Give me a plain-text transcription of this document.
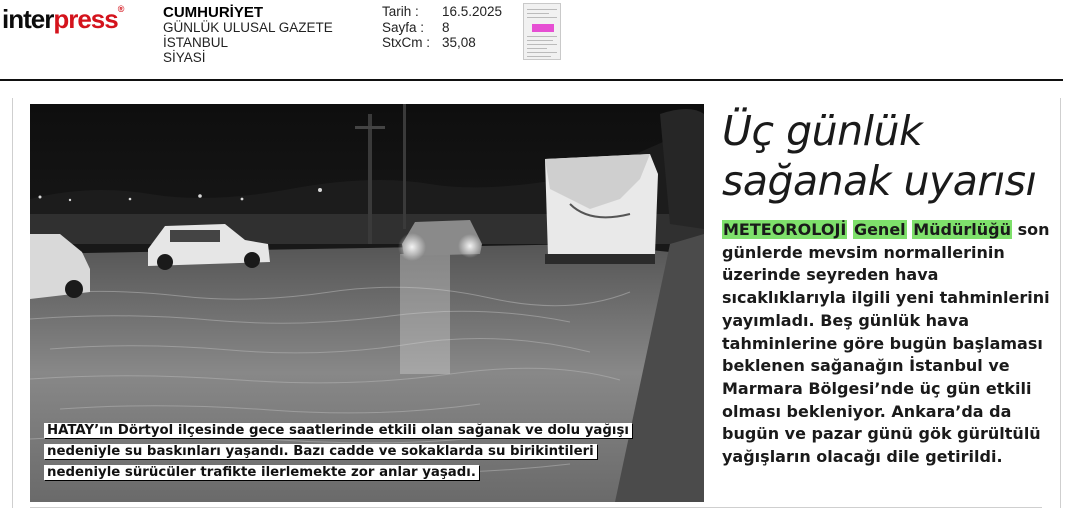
interpress®	CUMHURİYET
GÜNLÜK ULUSAL GAZETE
İSTANBUL
SİYASİ
Tarih :	16.5.2025
Sayfa :	8
StxCm : 35,08
HATAY’ın Dörtyol ilçesinde gece saatlerinde etkili olan sağanak ve dolu yağışı
nedeniyle su baskınları yaşandı. Bazı cadde ve sokaklarda su birikintileri
nedeniyle sürücüler trafikte ilerlemekte zor anlar yaşadı.
Üç günlük
sağanak uyarısı
METEOROLOJİ Genel Müdürlüğü son günlerde mevsim normallerinin üzerinde seyreden hava sıcaklıklarıyla ilgili yeni tahminlerini yayımladı. Beş günlük hava tahminlerine göre bugün başlaması beklenen sağanağın İstanbul ve Marmara Bölgesi’nde üç gün etkili olması bekleniyor. Ankara’da da bugün ve pazar günü gök gürültülü yağışların olacağı dile getirildi.
